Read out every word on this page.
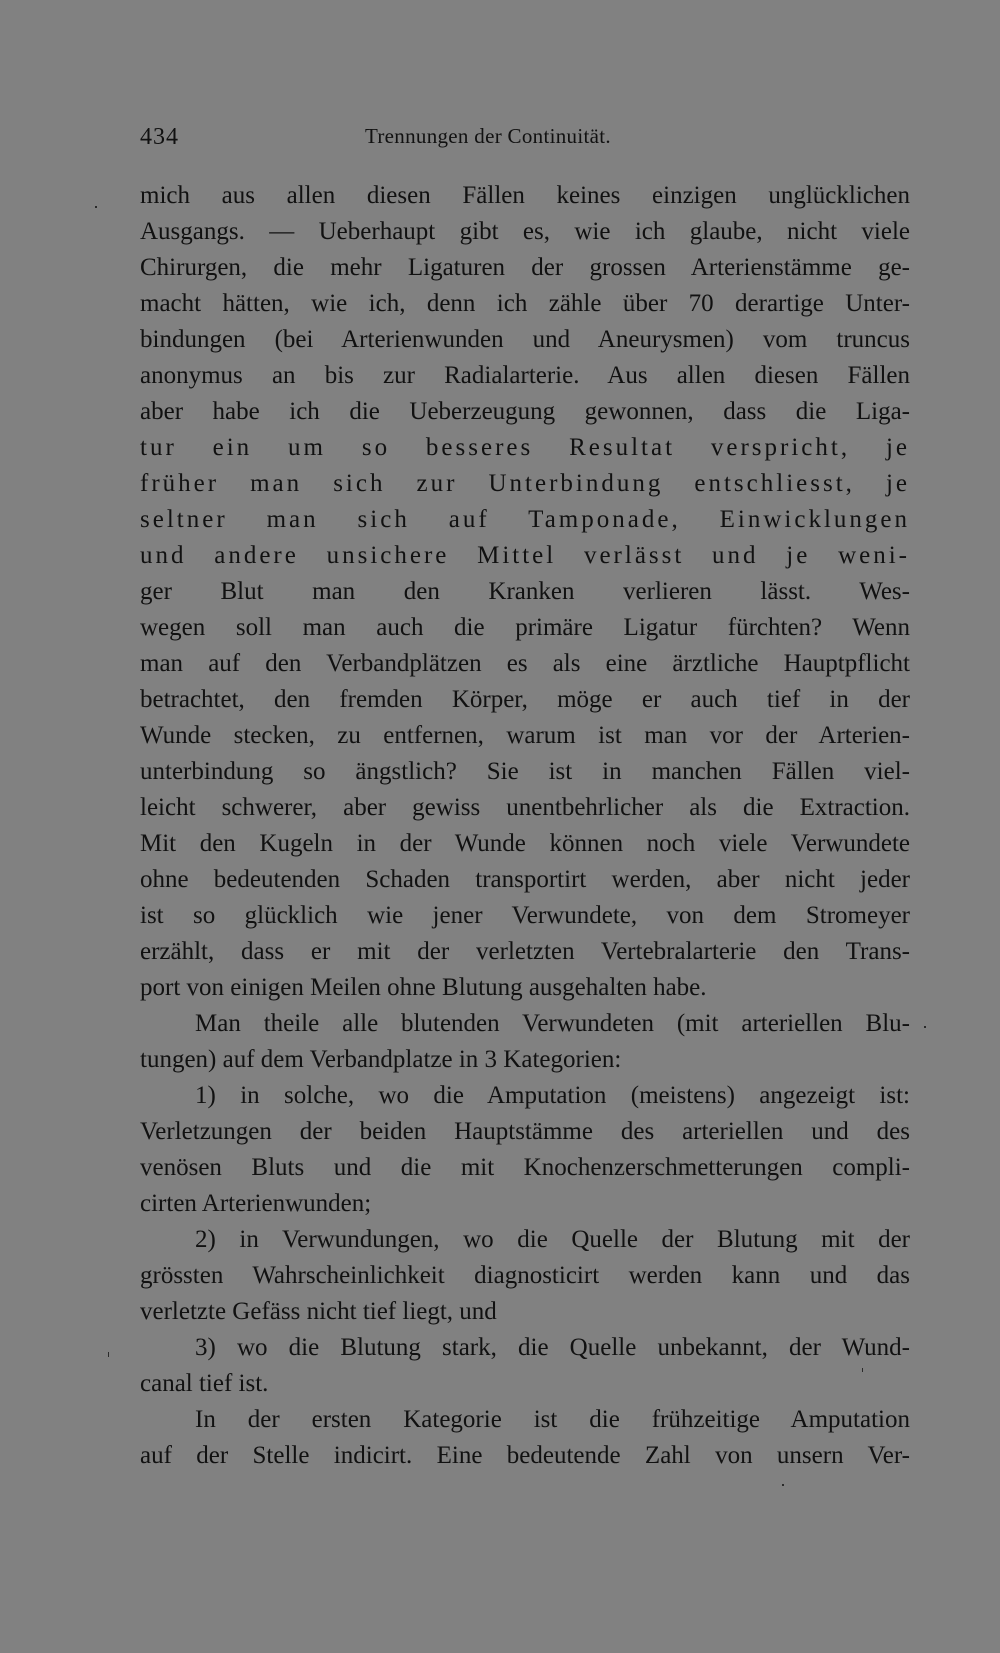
434	Trennungen der Continuität.
mich aus allen diesen Fällen keines einzigen unglücklichen
Ausgangs. — Ueberhaupt gibt es, wie ich glaube, nicht viele
Chirurgen, die mehr Ligaturen der grossen Arterienstämme ge-
macht hätten, wie ich, denn ich zähle über 70 derartige Unter-
bindungen (bei Arterienwunden und Aneurysmen) vom truncus
anonymus an bis zur Radialarterie. Aus allen diesen Fällen
aber habe ich die Ueberzeugung gewonnen, dass die Liga-
tur ein um so besseres Resultat verspricht, je
früher man sich zur Unterbindung entschliesst, je
seltner man sich auf Tamponade, Einwicklungen
und andere unsichere Mittel verlässt und je weni-
ger Blut man den Kranken verlieren lässt. Wes-
wegen soll man auch die primäre Ligatur fürchten? Wenn
man auf den Verbandplätzen es als eine ärztliche Hauptpflicht
betrachtet, den fremden Körper, möge er auch tief in der
Wunde stecken, zu entfernen, warum ist man vor der Arterien-
unterbindung so ängstlich? Sie ist in manchen Fällen viel-
leicht schwerer, aber gewiss unentbehrlicher als die Extraction.
Mit den Kugeln in der Wunde können noch viele Verwundete
ohne bedeutenden Schaden transportirt werden, aber nicht jeder
ist so glücklich wie jener Verwundete, von dem Stromeyer
erzählt, dass er mit der verletzten Vertebralarterie den Trans-
port von einigen Meilen ohne Blutung ausgehalten habe.
Man theile alle blutenden Verwundeten (mit arteriellen Blu-
tungen) auf dem Verbandplatze in 3 Kategorien:
1) in solche, wo die Amputation (meistens) angezeigt ist:
Verletzungen der beiden Hauptstämme des arteriellen und des
venösen Bluts und die mit Knochenzerschmetterungen compli-
cirten Arterienwunden;
2) in Verwundungen, wo die Quelle der Blutung mit der
grössten Wahrscheinlichkeit diagnosticirt werden kann und das
verletzte Gefäss nicht tief liegt, und
3) wo die Blutung stark, die Quelle unbekannt, der Wund-
canal tief ist.
In der ersten Kategorie ist die frühzeitige Amputation
auf der Stelle indicirt. Eine bedeutende Zahl von unsern Ver-
